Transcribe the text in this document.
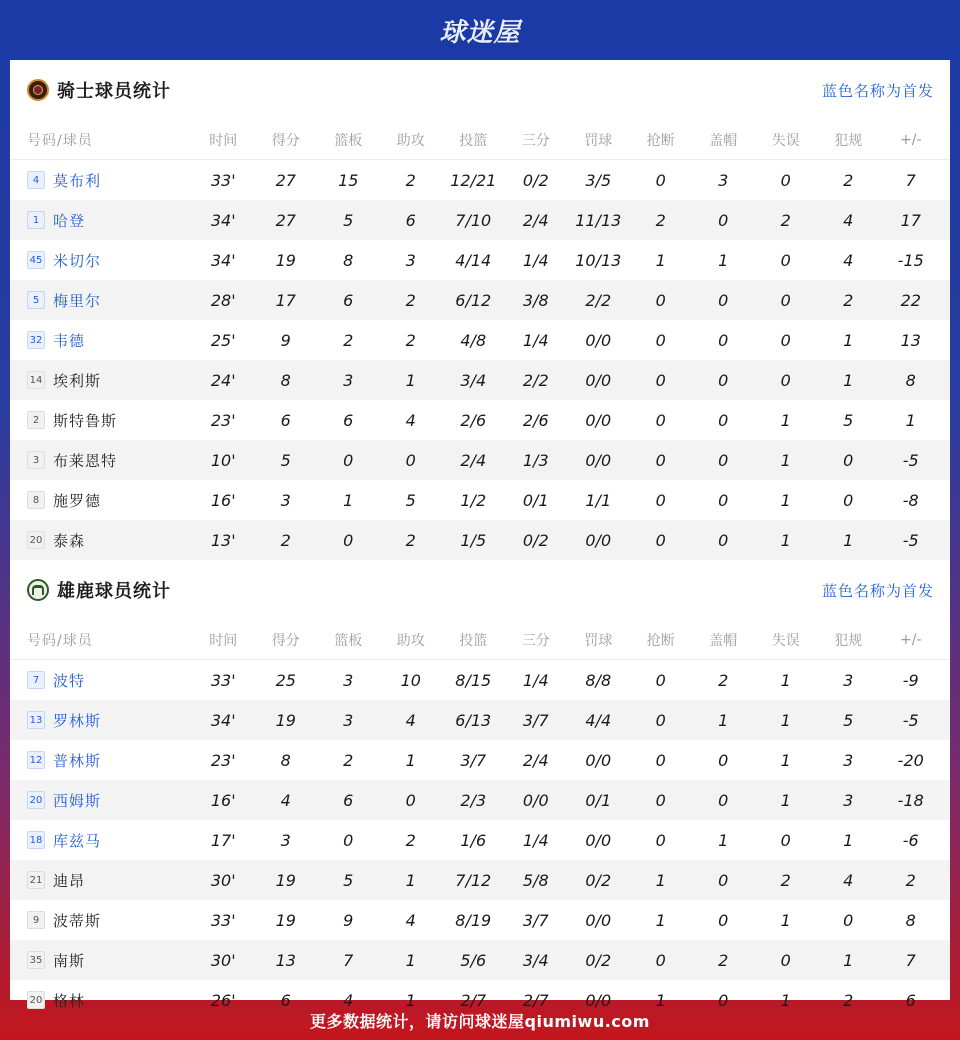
球迷屋
骑士球员统计	蓝色名称为首发
号码/球员	时间	得分	篮板	助攻	投篮	三分	罚球	抢断	盖帽	失误	犯规	+/-
4 莫布利	33'	27	15	2	12/21	0/2	3/5	0	3	0	2	7
1 哈登	34'	27	5	6	7/10	2/4	11/13	2	0	2	4	17
45 米切尔	34'	19	8	3	4/14	1/4	10/13	1	1	0	4	-15
5 梅里尔	28'	17	6	2	6/12	3/8	2/2	0	0	0	2	22
32 韦德	25'	9	2	2	4/8	1/4	0/0	0	0	0	1	13
14 埃利斯	24'	8	3	1	3/4	2/2	0/0	0	0	0	1	8
2 斯特鲁斯	23'	6	6	4	2/6	2/6	0/0	0	0	1	5	1
3 布莱恩特	10'	5	0	0	2/4	1/3	0/0	0	0	1	0	-5
8 施罗德	16'	3	1	5	1/2	0/1	1/1	0	0	1	0	-8
20 泰森	13'	2	0	2	1/5	0/2	0/0	0	0	1	1	-5
雄鹿球员统计	蓝色名称为首发
号码/球员	时间	得分	篮板	助攻	投篮	三分	罚球	抢断	盖帽	失误	犯规	+/-
7 波特	33'	25	3	10	8/15	1/4	8/8	0	2	1	3	-9
13 罗林斯	34'	19	3	4	6/13	3/7	4/4	0	1	1	5	-5
12 普林斯	23'	8	2	1	3/7	2/4	0/0	0	0	1	3	-20
20 西姆斯	16'	4	6	0	2/3	0/0	0/1	0	0	1	3	-18
18 库兹马	17'	3	0	2	1/6	1/4	0/0	0	1	0	1	-6
21 迪昂	30'	19	5	1	7/12	5/8	0/2	1	0	2	4	2
9 波蒂斯	33'	19	9	4	8/19	3/7	0/0	1	0	1	0	8
35 南斯	30'	13	7	1	5/6	3/4	0/2	0	2	0	1	7
20 格林	26'	6	4	1	2/7	2/7	0/0	1	0	1	2	6
更多数据统计，请访问球迷屋qiumiwu.com
